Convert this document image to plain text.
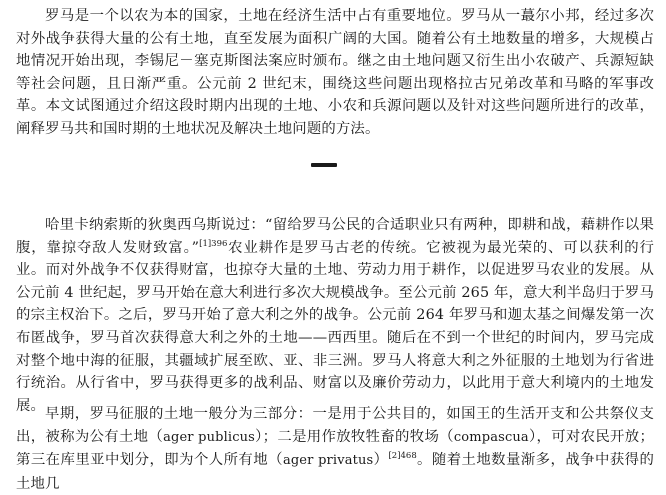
罗马是一个以农为本的国家，土地在经济生活中占有重要地位。罗马从一蕞尔小邦，经过多次对外战争获得大量的公有土地，直至发展为面积广阔的大国。随着公有土地数量的增多，大规模占地情况开始出现，李锡尼－塞克斯图法案应时颁布。继之由土地问题又衍生出小农破产、兵源短缺等社会问题，且日渐严重。公元前 2 世纪末，围绕这些问题出现格拉古兄弟改革和马略的军事改革。本文试图通过介绍这段时期内出现的土地、小农和兵源问题以及针对这些问题所进行的改革，阐释罗马共和国时期的土地状况及解决土地问题的方法。

哈里卡纳索斯的狄奥西乌斯说过：“留给罗马公民的合适职业只有两种，即耕和战，藉耕作以果腹，靠掠夺敌人发财致富。”$^{[1]396}$农业耕作是罗马古老的传统。它被视为最光荣的、可以获利的行业。而对外战争不仅获得财富，也掠夺大量的土地、劳动力用于耕作，以促进罗马农业的发展。从公元前 4 世纪起，罗马开始在意大利进行多次大规模战争。至公元前 265 年，意大利半岛归于罗马的宗主权治下。之后，罗马开始了意大利之外的战争。公元前 264 年罗马和迦太基之间爆发第一次布匿战争，罗马首次获得意大利之外的土地——西西里。随后在不到一个世纪的时间内，罗马完成对整个地中海的征服，其疆域扩展至欧、亚、非三洲。罗马人将意大利之外征服的土地划为行省进行统治。从行省中，罗马获得更多的战利品、财富以及廉价劳动力，以此用于意大利境内的土地发展。

早期，罗马征服的土地一般分为三部分：一是用于公共目的，如国王的生活开支和公共祭仪支出，被称为公有土地（ager publicus）；二是用作放牧牲畜的牧场（compascua），可对农民开放；第三在库里亚中划分，即为个人所有地（ager privatus）$^{[2]468}$。随着土地数量渐多，战争中获得的土地几
